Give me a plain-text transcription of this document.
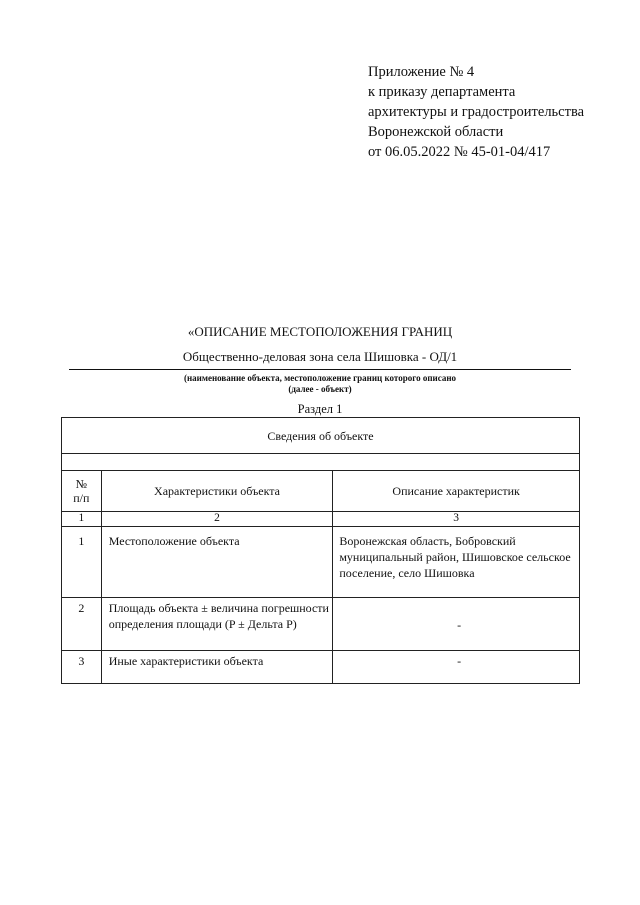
Приложение № 4
к приказу департамента
архитектуры и градостроительства
Воронежской области
от 06.05.2022 № 45-01-04/417
«ОПИСАНИЕ МЕСТОПОЛОЖЕНИЯ ГРАНИЦ
Общественно-деловая зона села Шишовка - ОД/1
(наименование объекта, местоположение границ которого описано
(далее - объект)
Раздел 1
Сведения об объекте		

№
п/п	Характеристики объекта	Описание характеристик
1	2	3
1	Местоположение объекта	Воронежская область, Бобровский муниципальный район, Шишовское сельское поселение, село Шишовка
2	Площадь объекта ± величина погрешности определения площади (P ± Дельта P)	-
3	Иные характеристики объекта	-
